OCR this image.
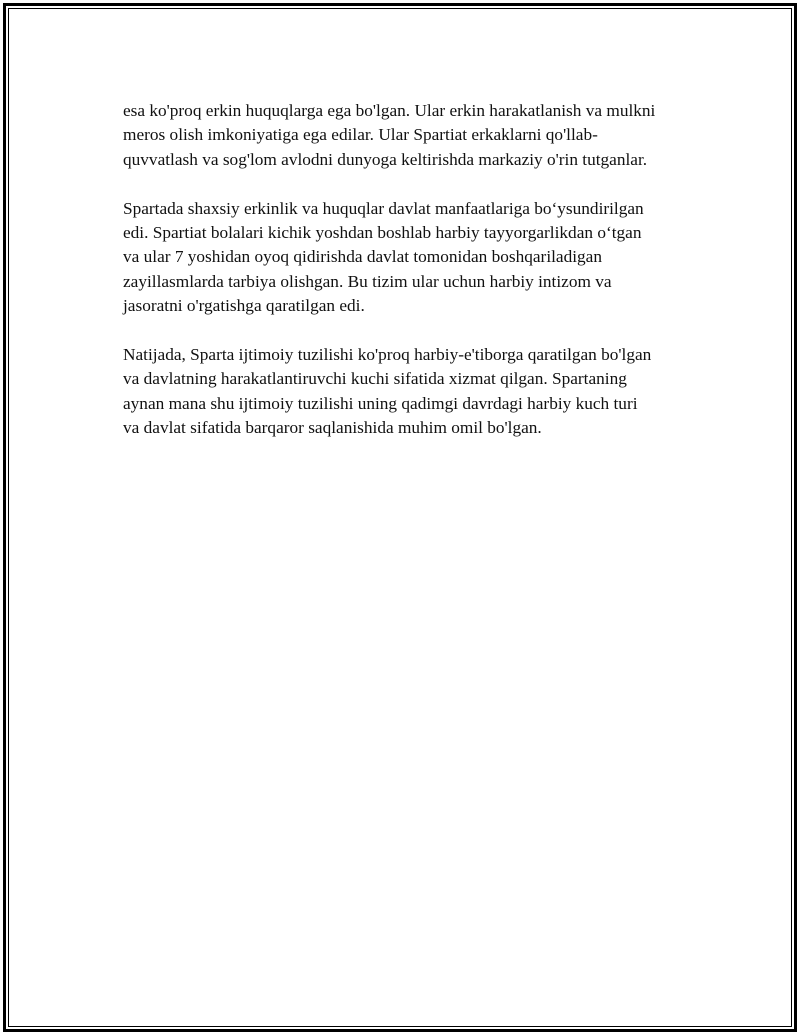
esa ko'proq erkin huquqlarga ega bo'lgan. Ular erkin harakatlanish va mulkni
meros olish imkoniyatiga ega edilar. Ular Spartiat erkaklarni qo'llab-
quvvatlash va sog'lom avlodni dunyoga keltirishda markaziy o'rin tutganlar.

Spartada shaxsiy erkinlik va huquqlar davlat manfaatlariga bo‘ysundirilgan
edi. Spartiat bolalari kichik yoshdan boshlab harbiy tayyorgarlikdan o‘tgan
va ular 7 yoshidan oyoq qidirishda davlat tomonidan boshqariladigan
zayillasmlarda tarbiya olishgan. Bu tizim ular uchun harbiy intizom va
jasoratni o'rgatishga qaratilgan edi.

Natijada, Sparta ijtimoiy tuzilishi ko'proq harbiy-e'tiborga qaratilgan bo'lgan
va davlatning harakatlantiruvchi kuchi sifatida xizmat qilgan. Spartaning
aynan mana shu ijtimoiy tuzilishi uning qadimgi davrdagi harbiy kuch turi
va davlat sifatida barqaror saqlanishida muhim omil bo'lgan.
